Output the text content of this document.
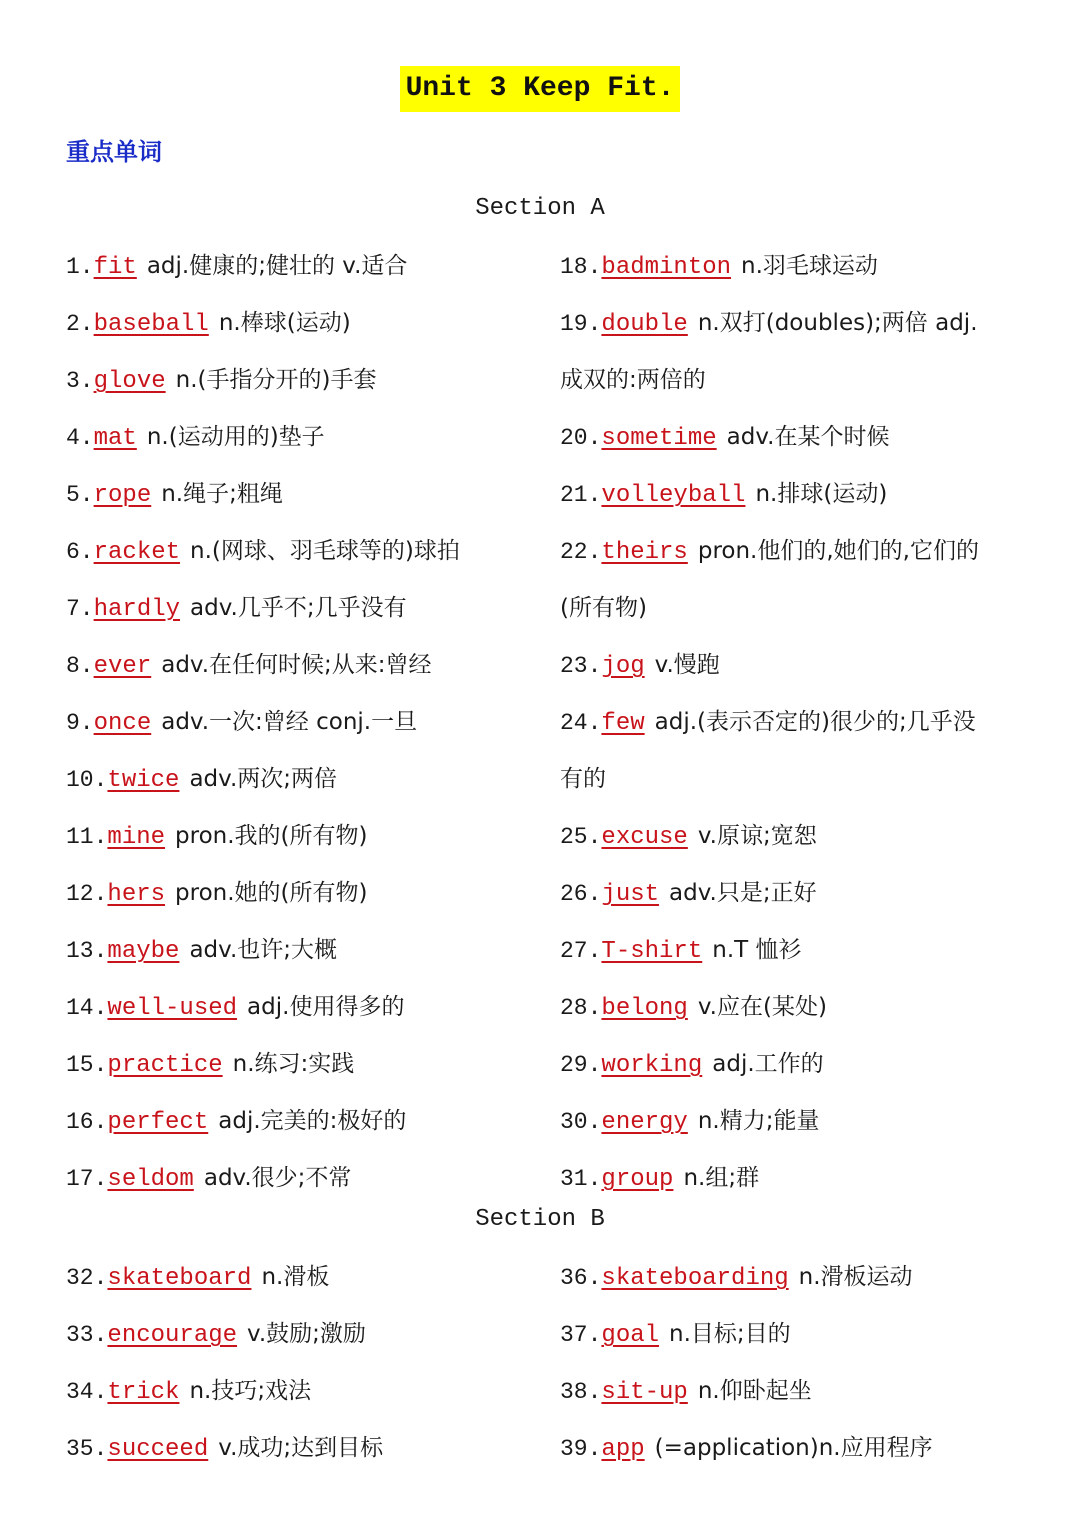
Unit 3 Keep Fit.
重点单词
Section A
1.fit adj.健康的;健壮的 v.适合
2.baseball n.棒球(运动)
3.glove n.(手指分开的)手套
4.mat n.(运动用的)垫子
5.rope n.绳子;粗绳
6.racket n.(网球、羽毛球等的)球拍
7.hardly adv.几乎不;几乎没有
8.ever adv.在任何时候;从来:曾经
9.once adv.一次:曾经 conj.一旦
10.twice adv.两次;两倍
11.mine pron.我的(所有物)
12.hers pron.她的(所有物)
13.maybe adv.也许;大概
14.well-used adj.使用得多的
15.practice n.练习:实践
16.perfect adj.完美的:极好的
17.seldom adv.很少;不常
18.badminton n.羽毛球运动
19.double n.双打(doubles);两倍 adj.
成双的:两倍的
20.sometime adv.在某个时候
21.volleyball n.排球(运动)
22.theirs pron.他们的,她们的,它们的
(所有物)
23.jog v.慢跑
24.few adj.(表示否定的)很少的;几乎没
有的
25.excuse v.原谅;宽恕
26.just adv.只是;正好
27.T-shirt n.T 恤衫
28.belong v.应在(某处)
29.working adj.工作的
30.energy n.精力;能量
31.group n.组;群
Section B
32.skateboard n.滑板
33.encourage v.鼓励;激励
34.trick n.技巧;戏法
35.succeed v.成功;达到目标
36.skateboarding n.滑板运动
37.goal n.目标;目的
38.sit-up n.仰卧起坐
39.app (=application)n.应用程序
